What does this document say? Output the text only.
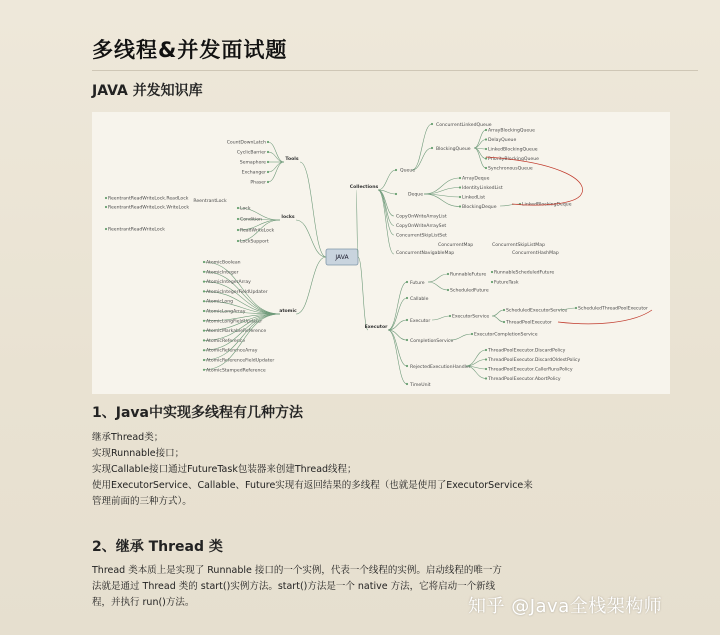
多线程&并发面试题
JAVA 并发知识库
JAVA
Tools
CountDownLatch
CyclicBarrier
Semaphore
Exchanger
Phaser
locks
Lock
Condition
ReadWriteLock
LockSupport
ReentrantLock
ReentrantReadWriteLock.ReadLock
ReentrantReadWriteLock.WriteLock
ReentrantReadWriteLock
atomic
AtomicBoolean
AtomicInteger
AtomicIntegerArray
AtomicIntegerFieldUpdater
AtomicLong
AtomicLongArray
AtomicLongFieldUpdater
AtomicMarkableReference
AtomicReference
AtomicReferenceArray
AtomicReferenceFieldUpdater
AtomicStampedReference
Collections
Queue
ConcurrentLinkedQueue
BlockingQueue
ArrayBlockingQueue
DelayQueue
LinkedBlockingQueue
PriorityBlockingQueue
SynchronousQueue
Deque
ArrayDeque
IdentityLinkedList
LinkedList
BlockingDeque	LinkedBlockingDeque
CopyOnWriteArrayList
CopyOnWriteArraySet
ConcurrentSkipListSet
ConcurrentMap
ConcurrentNavigableMap	ConcurrentHashMap
ConcurrentSkipListMap
Executor
Future
RunnableFuture
ScheduledFuture
RunnableScheduledFuture
FutureTask
Callable
Executor
ExecutorService
ScheduledExecutorService
ThreadPoolExecutor
ScheduledThreadPoolExecutor
CompletionService
ExecutorCompletionService
RejectedExecutionHandler
ThreadPoolExecutor.DiscardPolicy
ThreadPoolExecutor.DiscardOldestPolicy
ThreadPoolExecutor.CallerRunsPolicy
ThreadPoolExecutor.AbortPolicy
TimeUnit
1、Java中实现多线程有几种方法
继承Thread类；
实现Runnable接口；
实现Callable接口通过FutureTask包装器来创建Thread线程；
使用ExecutorService、Callable、Future实现有返回结果的多线程（也就是使用了ExecutorService来
管理前面的三种方式）。
2、继承 Thread 类
Thread 类本质上是实现了 Runnable 接口的一个实例，代表一个线程的实例。启动线程的唯一方
法就是通过 Thread 类的 start()实例方法。start()方法是一个 native 方法，它将启动一个新线
程，并执行 run()方法。	知乎 @Java全栈架构师
